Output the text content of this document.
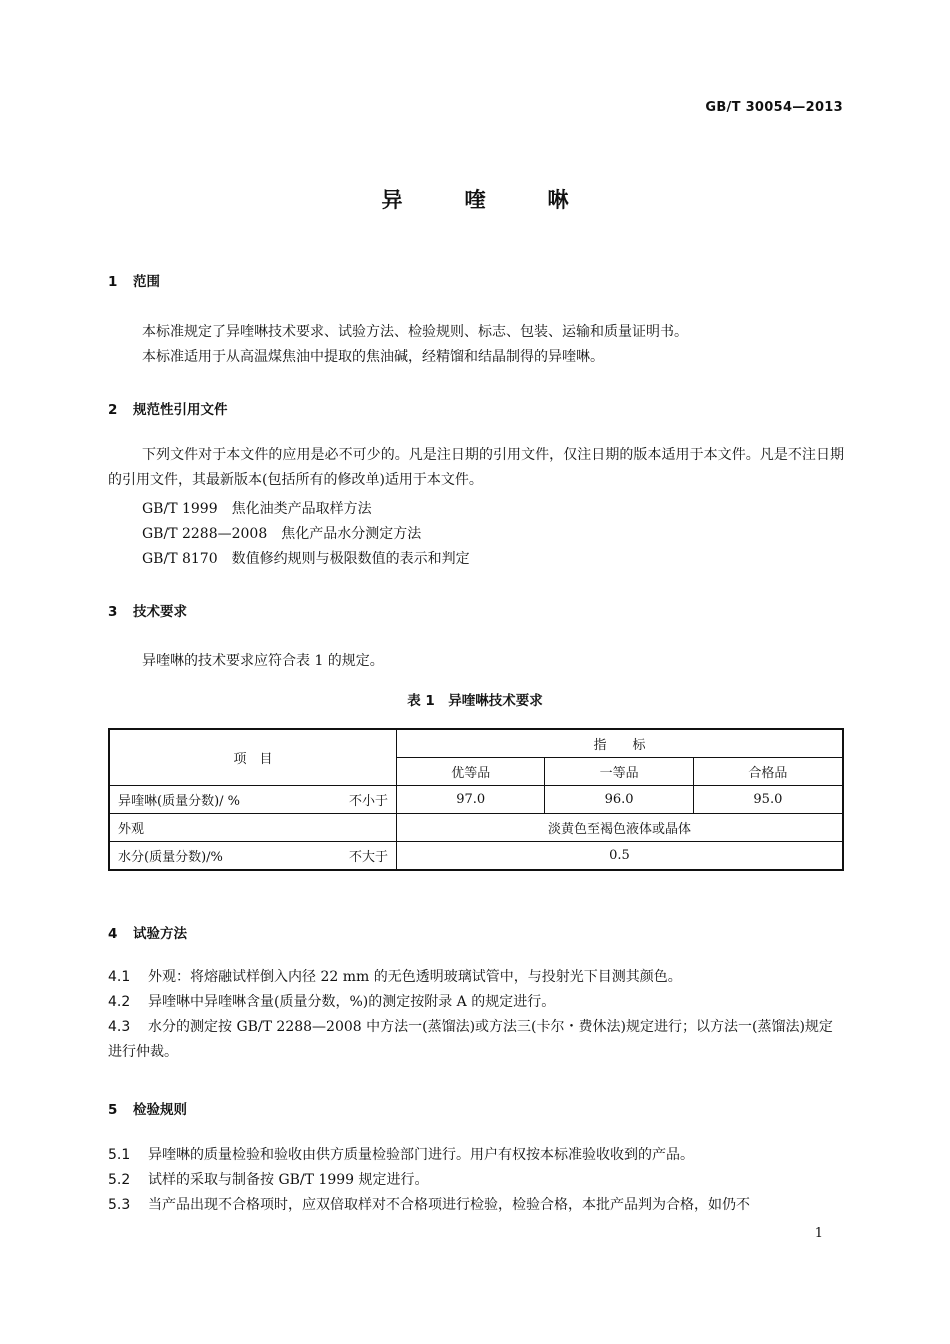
GB/T 30054—2013
异喹啉
1 范围
本标准规定了异喹啉技术要求、试验方法、检验规则、标志、包装、运输和质量证明书。
本标准适用于从高温煤焦油中提取的焦油碱，经精馏和结晶制得的异喹啉。
2 规范性引用文件
下列文件对于本文件的应用是必不可少的。凡是注日期的引用文件，仅注日期的版本适用于本文件。凡是不注日期的引用文件，其最新版本(包括所有的修改单)适用于本文件。
GB/T 1999 焦化油类产品取样方法
GB/T 2288—2008 焦化产品水分测定方法
GB/T 8170 数值修约规则与极限数值的表示和判定
3 技术要求
异喹啉的技术要求应符合表 1 的规定。
表 1　异喹啉技术要求
项　目	指　　标		
	优等品	一等品	合格品

异喹啉(质量分数)/ % 不小于	97.0	96.0	95.0

外观	淡黄色至褐色液体或晶体		

水分(质量分数)/% 不大于	0.5		
4 试验方法
4.1 外观：将熔融试样倒入内径 22 mm 的无色透明玻璃试管中，与投射光下目测其颜色。
4.2 异喹啉中异喹啉含量(质量分数，%)的测定按附录 A 的规定进行。
4.3 水分的测定按 GB/T 2288—2008 中方法一(蒸馏法)或方法三(卡尔・费休法)规定进行；以方法一(蒸馏法)规定进行仲裁。
5 检验规则
5.1 异喹啉的质量检验和验收由供方质量检验部门进行。用户有权按本标准验收收到的产品。
5.2 试样的采取与制备按 GB/T 1999 规定进行。
5.3 当产品出现不合格项时，应双倍取样对不合格项进行检验，检验合格，本批产品判为合格，如仍不
1
